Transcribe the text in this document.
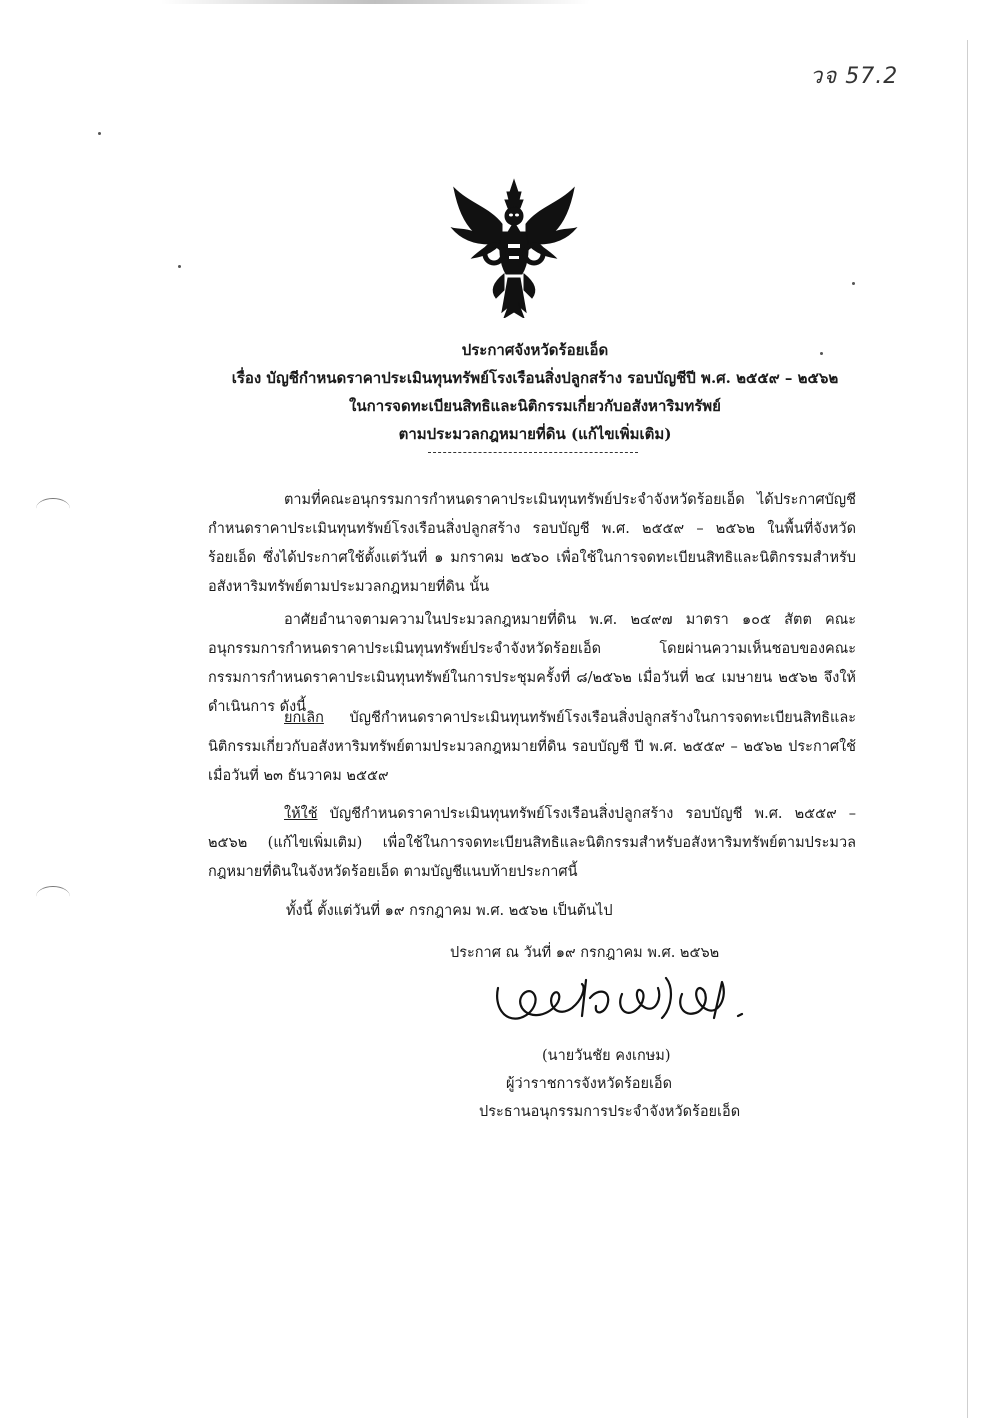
วจ 57.2
ประกาศจังหวัดร้อยเอ็ด
เรื่อง บัญชีกำหนดราคาประเมินทุนทรัพย์โรงเรือนสิ่งปลูกสร้าง รอบบัญชีปี พ.ศ. ๒๕๕๙ – ๒๕๖๒
ในการจดทะเบียนสิทธิและนิติกรรมเกี่ยวกับอสังหาริมทรัพย์
ตามประมวลกฎหมายที่ดิน (แก้ไขเพิ่มเติม)

ตามที่คณะอนุกรรมการกำหนดราคาประเมินทุนทรัพย์ประจำจังหวัดร้อยเอ็ด ได้ประกาศบัญชีกำหนดราคาประเมินทุนทรัพย์โรงเรือนสิ่งปลูกสร้าง รอบบัญชี พ.ศ. ๒๕๕๙ – ๒๕๖๒ ในพื้นที่จังหวัดร้อยเอ็ด ซึ่งได้ประกาศใช้ตั้งแต่วันที่ ๑ มกราคม ๒๕๖๐ เพื่อใช้ในการจดทะเบียนสิทธิและนิติกรรมสำหรับอสังหาริมทรัพย์ตามประมวลกฎหมายที่ดิน นั้น

อาศัยอำนาจตามความในประมวลกฎหมายที่ดิน พ.ศ. ๒๔๙๗ มาตรา ๑๐๕ สัตต คณะอนุกรรมการกำหนดราคาประเมินทุนทรัพย์ประจำจังหวัดร้อยเอ็ด โดยผ่านความเห็นชอบของคณะกรรมการกำหนดราคาประเมินทุนทรัพย์ในการประชุมครั้งที่ ๘/๒๕๖๒ เมื่อวันที่ ๒๔ เมษายน ๒๕๖๒ จึงให้ดำเนินการ ดังนี้

ยกเลิก บัญชีกำหนดราคาประเมินทุนทรัพย์โรงเรือนสิ่งปลูกสร้างในการจดทะเบียนสิทธิและนิติกรรมเกี่ยวกับอสังหาริมทรัพย์ตามประมวลกฎหมายที่ดิน รอบบัญชี ปี พ.ศ. ๒๕๕๙ – ๒๕๖๒ ประกาศใช้ เมื่อวันที่ ๒๓ ธันวาคม ๒๕๕๙

ให้ใช้ บัญชีกำหนดราคาประเมินทุนทรัพย์โรงเรือนสิ่งปลูกสร้าง รอบบัญชี พ.ศ. ๒๕๕๙ – ๒๕๖๒ (แก้ไขเพิ่มเติม) เพื่อใช้ในการจดทะเบียนสิทธิและนิติกรรมสำหรับอสังหาริมทรัพย์ตามประมวลกฎหมายที่ดินในจังหวัดร้อยเอ็ด ตามบัญชีแนบท้ายประกาศนี้

ทั้งนี้ ตั้งแต่วันที่ ๑๙ กรกฎาคม พ.ศ. ๒๕๖๒ เป็นต้นไป
ประกาศ ณ วันที่ ๑๙ กรกฎาคม พ.ศ. ๒๕๖๒
(นายวันชัย คงเกษม)
ผู้ว่าราชการจังหวัดร้อยเอ็ด
ประธานอนุกรรมการประจำจังหวัดร้อยเอ็ด
